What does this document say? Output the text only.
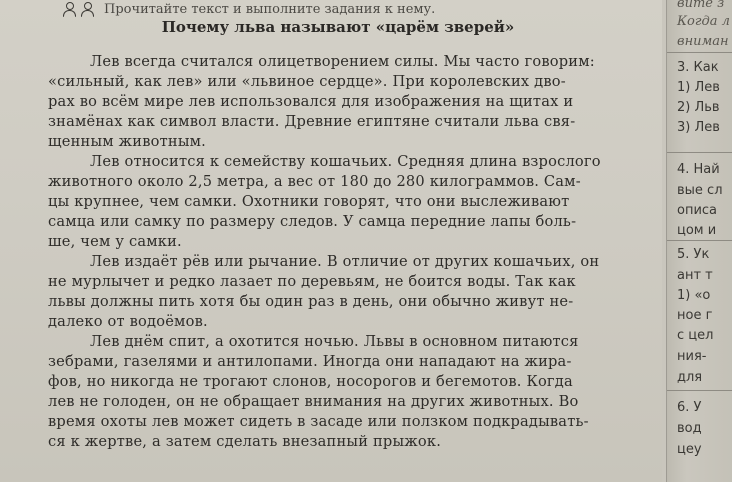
Прочитайте текст и выполните задания к нему.
Почему льва называют «царём зверей»
Лев всегда считался олицетворением силы. Мы часто говорим:
«сильный, как лев» или «львиное сердце». При королевских дво-
рах во всём мире лев использовался для изображения на щитах и
знамёнах как символ власти. Древние египтяне считали льва свя-
щенным животным.
Лев относится к семейству кошачьих. Средняя длина взрослого
животного около 2,5 метра, а вес от 180 до 280 килограммов. Сам-
цы крупнее, чем самки. Охотники говорят, что они выслеживают
самца или самку по размеру следов. У самца передние лапы боль-
ше, чем у самки.
Лев издаёт рёв или рычание. В отличие от других кошачьих, он
не мурлычет и редко лазает по деревьям, не боится воды. Так как
львы должны пить хотя бы один раз в день, они обычно живут не-
далеко от водоёмов.
Лев днём спит, а охотится ночью. Львы в основном питаются
зебрами, газелями и антилопами. Иногда они нападают на жира-
фов, но никогда не трогают слонов, носорогов и бегемотов. Когда
лев не голоден, он не обращает внимания на других животных. Во
время охоты лев может сидеть в засаде или ползком подкрадывать-
ся к жертве, а затем сделать внезапный прыжок.
вите з
Когда л
вниман
3. Как
1) Лев
2) Льв
3) Лев
4. Най
вые сл
описа
цом и
5. Ук
ант т
1) «о
ное г
с цел
ния-
для
6. У
вод
цеу
